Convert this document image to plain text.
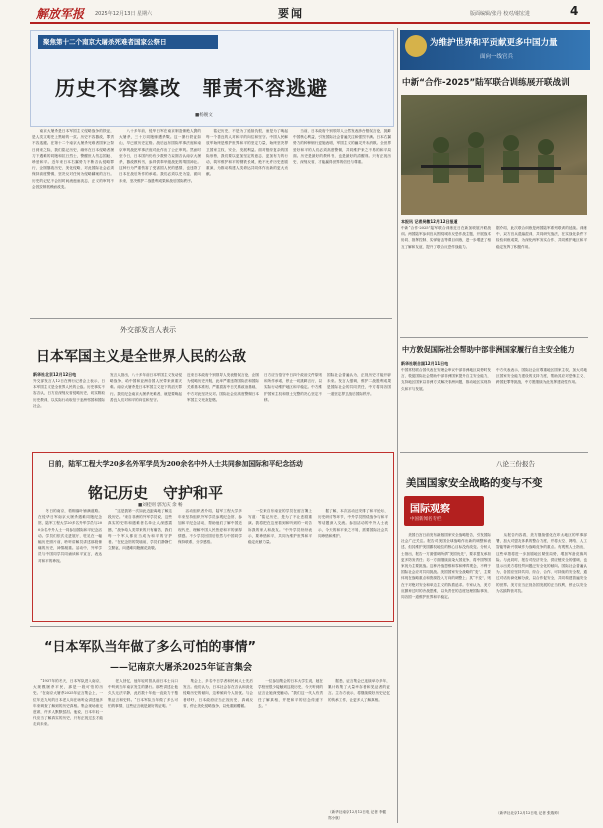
解放军报 2025年12月13日 星期六	要闻	版面编辑/张丹 校对/谢宏进	4
聚焦第十二个南京大屠杀死难者国家公祭日
历史不容篡改　罪责不容逃避
■杨婉文
　　南京大屠杀是日本军国主义侵略战争的铁证，是人类文明史上黑暗的一页。历史不容篡改，罪责不容逃避。在第十二个南京大屠杀死难者国家公祭日到来之际，我们铭记历史，缅怀在日本侵略者屠刀下遇难的同胞和抗日烈士，警醒世人勿忘国耻、珍爱和平。近年来日本右翼势力不断否认侵略罪行，企图篡改历史、美化侵略，对此国际社会必须保持高度警惕，坚决反对任何为侵略翻案的言行。历史的记忆不会因时间流逝而淡忘，正义的审判不会因狡辩抵赖而改变。
　　八十多年前，侵华日军在南京制造惨绝人寰的大屠杀，三十万同胞惨遭杀戮。这一暴行铁证如山，早已被历史定格。战后远东国际军事法庭和南京审判战犯军事法庭对此作出了公正审判。然而时至今日，日本国内仍有少数势力妄图否认南京大屠杀，篡改教科书，参拜供奉甲级战犯的靖国神社。这种行为严重伤害了受害国人民的感情，也违背了日本在战后所作的承诺。我们必须以史为鉴、面向未来，坚决维护二战胜利成果和战后国际秩序。
　　铭记历史，不是为了延续仇恨，而是为了唤起每一个善良的人对和平的向往和坚守。中国人民解放军始终是维护世界和平的坚定力量，始终坚决捍卫国家主权、安全、发展利益。面对错综复杂的国际形势，我们要以更加坚定的意志、更加有力的行动，筑牢维护和平的钢铁长城，绝不允许历史悲剧重演，为推动构建人类命运共同体作出新的更大贡献。
　　当前，日本政府个别领导人公然发表涉台错误言论，挑衅中国核心利益，引发国际社会普遍关注和强烈不满。日本右翼势力的种种倒行逆施表明，军国主义的幽灵并未消散。全世界爱好和平的人们必须高度警惕，共同维护来之不易的和平局面。历史是最好的教科书，也是最好的清醒剂。只有正视历史、深刻反省，才能赢得世界的信任与尊重。
外交部发言人表示
日本军国主义是全世界人民的公敌
新华社北京12月12日电
外交部发言人12日在例行记者会上表示，日本军国主义是全世界人民的公敌。历史事实不容否认，日方应深刻反省侵略历史，切实吸取历史教训，以实际行动取信于亚洲邻国和国际社会。
发言人指出，八十多年前日本军国主义发动侵略战争，给中国和亚洲各国人民带来深重灾难。南京大屠杀是日本军国主义犯下的滔天罪行。我们纪念南京大屠杀死难者，就是要唤起善良人们对和平的向往和坚守。
近来日本政府个别领导人发表错误言论，企图为侵略历史开脱，此举严重违背国际法和国际关系基本准则，严重损害中日关系政治基础，中方对此坚决反对。国际社会应高度警惕日本军国主义死灰复燃。
日方应当恪守中日四个政治文件原则和所作承诺，停止一切挑衅言行，以实际行动维护地区和平稳定。中方维护国家主权和领土完整的决心坚定不移。
国际社会普遍认为，正视历史才能开辟未来。发言人强调，维护二战胜利成果是国际社会的共同责任，中方将同各国一道坚定捍卫战后国际秩序。
日前，陆军工程大学20多名外军学员为200余名中外人士共同参加国际和平纪念活动
铭记历史　守护和平
■刘桂则 郭光庆 余 畅
　　冬日的南京，梧桐落叶铺满道路。在侵华日军南京大屠杀遇难同胞纪念馆，陆军工程大学20多名外军学员与200余名中外人士一同参加国际和平纪念活动。学员们依次走进展厅，驻足在一幅幅历史照片前，聆听讲解员讲述那段惨痛的历史，神情凝重。活动中，外军学员与中国同学共同诵读和平宣言，表达对和平的珍视。
　　“这是我第一次如此近距离地了解这段历史。”来自非洲的外军学员说，这些真实的史料和遇难者名单让人深感震撼，“战争给人类带来的只有痛苦，我们每一个军人都应当成为和平的守护者。”在纪念馆的哭墙前，学员们静静伫立默哀，向遇难同胞献花致敬。
　　活动组织者介绍，陆军工程大学多年来坚持组织外军学员参观纪念馆、参加和平纪念活动，帮助他们了解中国近现代史，理解中国人民热爱和平的深厚情感。不少学员回国后依然与中国同学保持联系，分享感悟。
　　一位来自东南亚的学员在留言簿上写道：“铭记历史，是为了不让悲剧重演。我将把在这里看到和听到的一切告诉我的家人和战友。”中外学员纷纷表示，要珍惜和平，共同为维护世界和平稳定贡献力量。
　　据了解，本次活动还安排了和平论坛、历史研讨等环节，中外学员围绕战争与和平等话题深入交流。参加活动的中外人士表示，今天的和平来之不易，需要国际社会共同珍惜和维护。
“日本军队当年做了多么可怕的事情”
——记南京大屠杀2025年证言集会
　　“1937年的冬天，日本军队进入南京，大规模屠杀平民，那是一段可怕的历史。”在南京大屠杀2025年证言集会上，一位年近九旬的日本老人向在场听众讲述他多年来调查了解到的历史真相。集会现场座无虚席，许多人默默拭泪。他说，日本年轻一代应当了解真实的历史，只有正视过去才能走向未来。
　　老人回忆，他年轻时曾从前日本士兵口中听到当年南京发生的暴行。那些讲述让他久久无法平静，此后数十年他一直致力于搜集证言和史料。“日本军队当年做了多么可怕的事情，这些证言就是最好的证明。”
　　集会上，多名中日学者和民间人士先后发言。他们认为，日本社会存在否认和淡化侵略历史的倾向，这种倾向令人担忧。与会者呼吁，日本政府应当正视历史、真诚反省，停止美化侵略战争，以免重蹈覆辙。
　　一位参加集会的日本大学生说，她在学校里很少接触到这段历史，今天听到的证言让她深受触动。“我们这一代人有责任了解真相，并把和平的信念传递下去。”
　　据悉，证言集会已连续举办多年，累计收集了大量幸存者和见证者的证言。主办方表示，将继续做好历史记忆的传承工作，让更多人了解真相。
（新华社南京12月12日电 记者 李健 郑小航）
为维护世界和平贡献更多中国力量
面向一线官兵
中新“合作-2025”陆军联合训练展开联战训
本报讯 记者吴敏12月12日报道
中新“合作-2025”陆军联合训练近日在新加坡展开联战训。两国陆军参训官兵围绕城市反恐作战主题，开展战术协同、指挥控制、实弹射击等课目训练，进一步增进了相互了解和友谊，提升了联合反恐作战能力。
据介绍，此次联合训练是两国陆军系列联训的延续。训练中，双方官兵混编混训，共同研究战法，在实战化条件下检验训练成果，为深化两军务实合作、共同维护地区和平稳定发挥了积极作用。
中方敦促国际社会帮助中部非洲国家履行自主安全能力
新华社联合国12月11日电
中国常驻联合国代表在安理会审议中部非洲地区局势时发言，敦促国际社会帮助中部非洲国家提升自主安全能力，支持地区国家以非洲方式解决非洲问题，推动地区实现持久和平与发展。
中方代表表示，国际社会应尊重地区国家主权，加大对地区国家安全能力建设的支持力度，帮助其应对恐怖主义、跨国犯罪等挑战，中方愿继续为此发挥建设性作用。
八论三份报告
美国国家安全战略的变与不变
国际观察
中国新闻名专栏
　　美国白宫日前发布新版国家安全战略报告，引发国际社会广泛关注。报告对美国全球战略作出新的调整和表述，但其维护美国霸权地位的核心目标没有改变。分析人士指出，报告一方面强调所谓“美国优先”，要求盟友承担更多防务责任；另一方面继续渲染大国竞争，将中国等国家视为主要挑战。这种冷战思维和零和博弈观念，不利于国际社会应对共同挑战。美国国家安全战略的“变”，主要体现在战略重点和资源投入方向的调整上；其“不变”，则在于对绝对安全和单边主义的执着追求。专家认为，美方应摒弃过时的冷战思维，以负责任的态度处理国际事务，同各国一道维护世界和平稳定。
　　从报告内容看，美方继续强化在印太地区的军事部署，加大对盟友体系的整合力度，并将太空、网络、人工智能等新兴领域作为战略竞争的重点。有观察人士指出，这些举措将进一步加剧地区紧张局势，增加军备竞赛风险。与此同时，报告对经济安全、供应链安全的强调，也显示出美方将经贸问题泛安全化的倾向。国际社会普遍认为，各国应坚持共同、综合、合作、可持续的安全观，通过对话协商化解分歧，以合作促安全，共同构建普遍安全的世界。美方应当正视各国发展的正当权利，停止以安全为名搞阵营对抗。
（新华社北京12月12日电 记者 张瑞帅）
